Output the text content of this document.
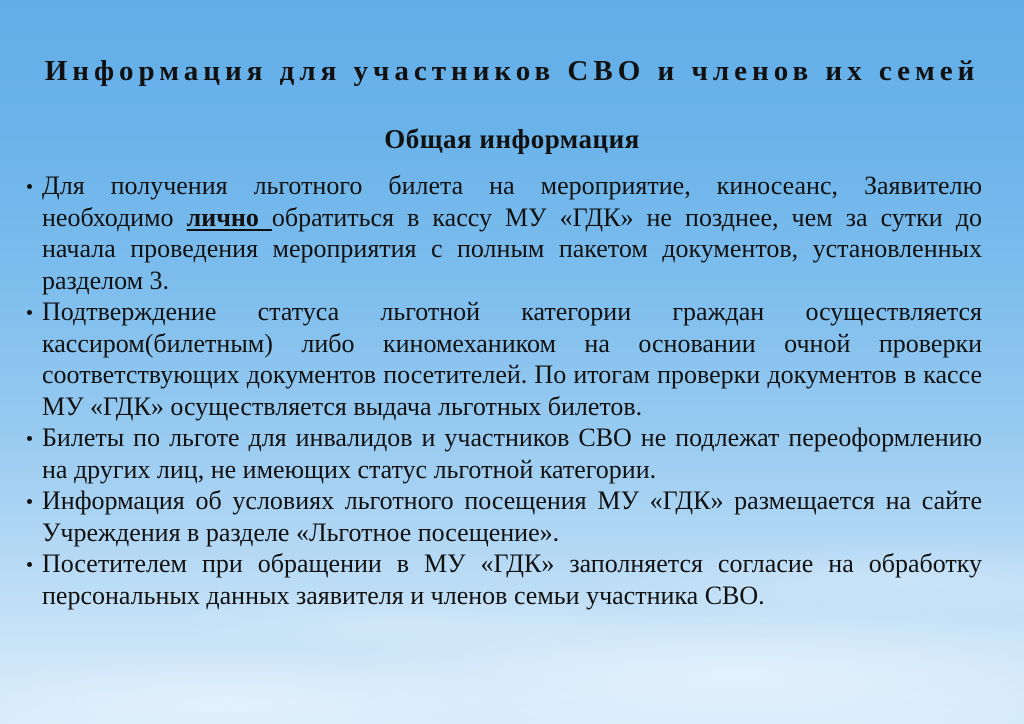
Информация для участников СВО и членов их семей
Общая информация
Для получения льготного билета на мероприятие, киносеанс, Заявителю необходимо лично обратиться в кассу МУ «ГДК» не позднее, чем за сутки до начала проведения мероприятия с полным пакетом документов, установленных разделом 3.
Подтверждение статуса льготной категории граждан осуществляется кассиром(билетным) либо киномехаником на основании очной проверки соответствующих документов посетителей. По итогам проверки документов в кассе МУ «ГДК» осуществляется выдача льготных билетов.
Билеты по льготе для инвалидов и участников СВО не подлежат переоформлению на других лиц, не имеющих статус льготной категории.
Информация об условиях льготного посещения МУ «ГДК» размещается на сайте Учреждения в разделе «Льготное посещение».
Посетителем при обращении в МУ «ГДК» заполняется согласие на обработку персональных данных заявителя и членов семьи участника СВО.
